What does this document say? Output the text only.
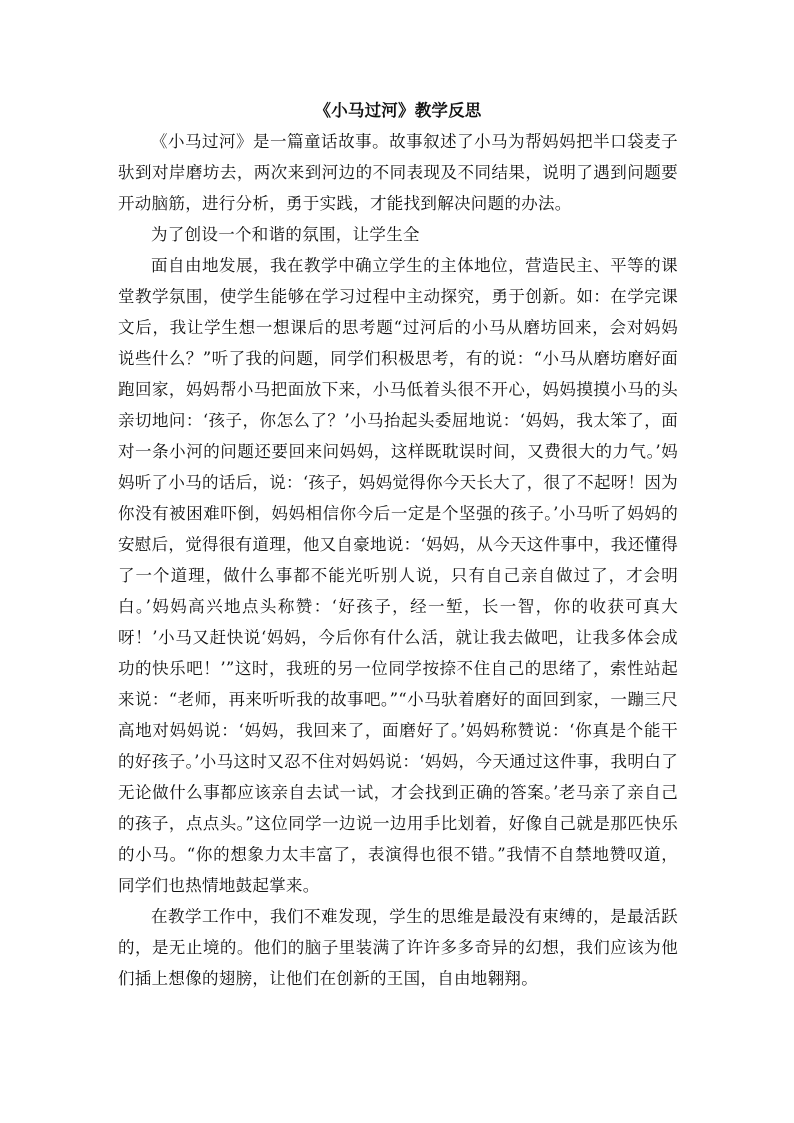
《小马过河》教学反思

《小马过河》是一篇童话故事。故事叙述了小马为帮妈妈把半口袋麦子驮到对岸磨坊去，两次来到河边的不同表现及不同结果，说明了遇到问题要开动脑筋，进行分析，勇于实践，才能找到解决问题的办法。

为了创设一个和谐的氛围，让学生全

面自由地发展，我在教学中确立学生的主体地位，营造民主、平等的课堂教学氛围，使学生能够在学习过程中主动探究，勇于创新。如：在学完课文后，我让学生想一想课后的思考题“过河后的小马从磨坊回来，会对妈妈说些什么？”听了我的问题，同学们积极思考，有的说：“小马从磨坊磨好面跑回家，妈妈帮小马把面放下来，小马低着头很不开心，妈妈摸摸小马的头亲切地问：‘孩子，你怎么了？’小马抬起头委屈地说：‘妈妈，我太笨了，面对一条小河的问题还要回来问妈妈，这样既耽误时间，又费很大的力气。’妈妈听了小马的话后，说：‘孩子，妈妈觉得你今天长大了，很了不起呀！因为你没有被困难吓倒，妈妈相信你今后一定是个坚强的孩子。’小马听了妈妈的安慰后，觉得很有道理，他又自豪地说：‘妈妈，从今天这件事中，我还懂得了一个道理，做什么事都不能光听别人说，只有自己亲自做过了，才会明白。’妈妈高兴地点头称赞：‘好孩子，经一堑，长一智，你的收获可真大呀！’小马又赶快说‘妈妈，今后你有什么活，就让我去做吧，让我多体会成功的快乐吧！’”这时，我班的另一位同学按捺不住自己的思绪了，索性站起来说：“老师，再来听听我的故事吧。”“小马驮着磨好的面回到家，一蹦三尺高地对妈妈说：‘妈妈，我回来了，面磨好了。’妈妈称赞说：‘你真是个能干的好孩子。’小马这时又忍不住对妈妈说：‘妈妈，今天通过这件事，我明白了无论做什么事都应该亲自去试一试，才会找到正确的答案。’老马亲了亲自己的孩子，点点头。”这位同学一边说一边用手比划着，好像自己就是那匹快乐的小马。“你的想象力太丰富了，表演得也很不错。”我情不自禁地赞叹道，同学们也热情地鼓起掌来。

在教学工作中，我们不难发现，学生的思维是最没有束缚的，是最活跃的，是无止境的。他们的脑子里装满了许许多多奇异的幻想，我们应该为他们插上想像的翅膀，让他们在创新的王国，自由地翱翔。
